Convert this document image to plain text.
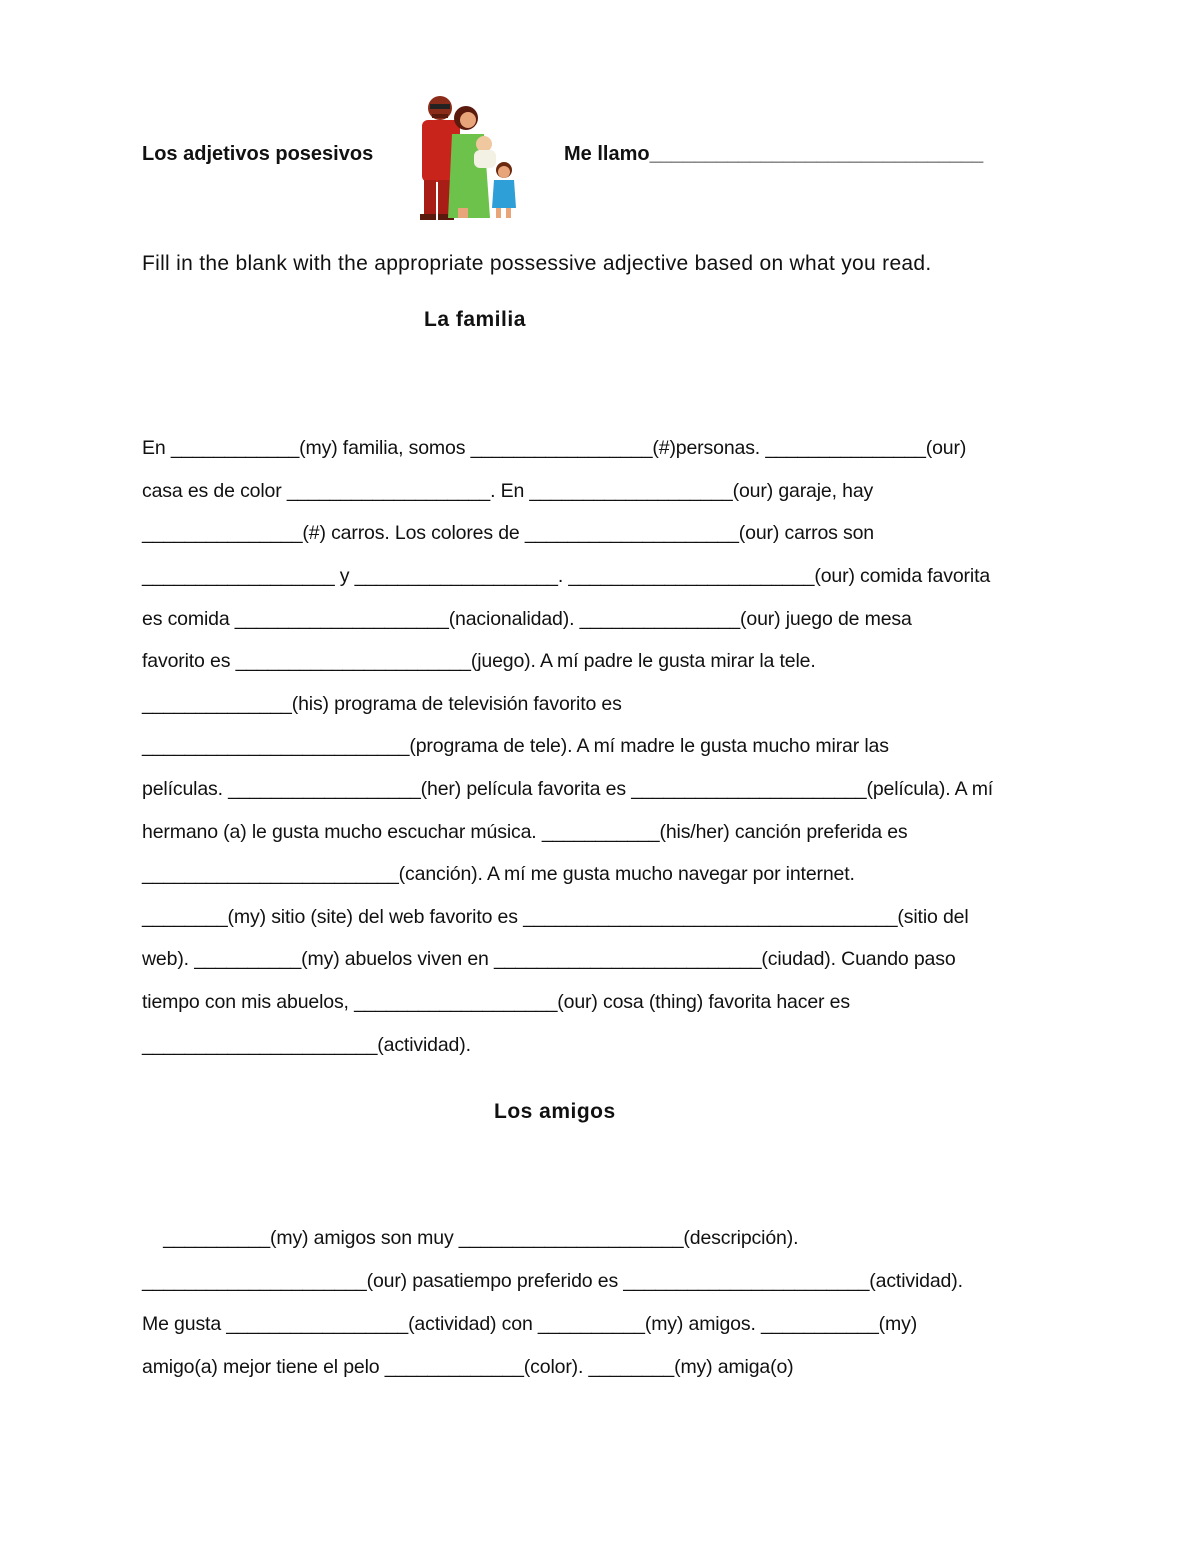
Los adjetivos posesivos	Me llamo______________________________
Fill in the blank with the appropriate possessive adjective based on what you read.
La familia
En ____________(my) familia, somos _________________(#)personas. _______________(our)
casa es de color ___________________. En ___________________(our) garaje, hay
_______________(#) carros. Los colores de ____________________(our) carros son
__________________ y ___________________. _______________________(our) comida favorita
es comida ____________________(nacionalidad). _______________(our) juego de mesa
favorito es ______________________(juego). A mí padre le gusta mirar la tele.
______________(his) programa de televisión favorito es
_________________________(programa de tele). A mí madre le gusta mucho mirar las
películas. __________________(her) película favorita es ______________________(película). A mí
hermano (a) le gusta mucho escuchar música. ___________(his/her) canción preferida es
________________________(canción). A mí me gusta mucho navegar por internet.
________(my) sitio (site) del web favorito es ___________________________________(sitio del
web). __________(my) abuelos viven en _________________________(ciudad). Cuando paso
tiempo con mis abuelos, ___________________(our) cosa (thing) favorita hacer es
______________________(actividad).
Los amigos
__________(my) amigos son muy _____________________(descripción).
_____________________(our) pasatiempo preferido es _______________________(actividad).
Me gusta _________________(actividad) con __________(my) amigos. ___________(my)
amigo(a) mejor tiene el pelo _____________(color). ________(my) amiga(o)
